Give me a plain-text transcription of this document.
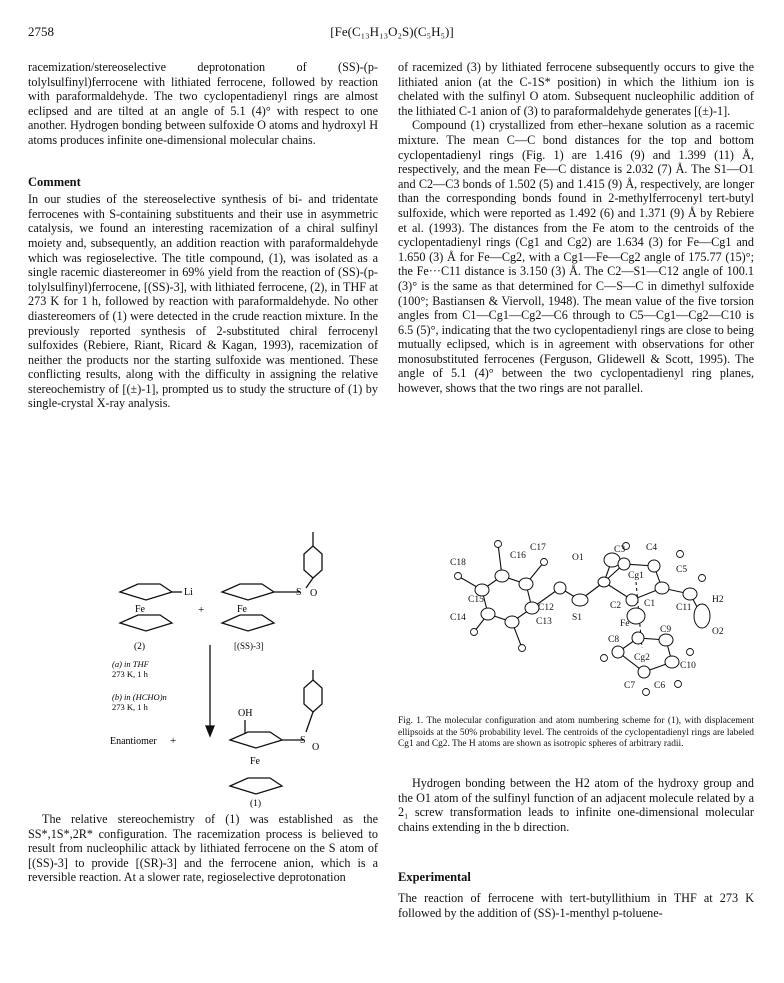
2758	[Fe(C₁₃H₁₃O₂S)(C₅H₅)]

racemization/stereoselective deprotonation of (SS)-(p-tolylsulfinyl)ferrocene with lithiated ferrocene, followed by reaction with paraformaldehyde. The two cyclopentadienyl rings are almost eclipsed and are tilted at an angle of 5.1 (4)° with respect to one another. Hydrogen bonding between sulfoxide O atoms and hydroxyl H atoms produces infinite one-dimensional molecular chains.

Comment

In our studies of the stereoselective synthesis of bi- and tridentate ferrocenes with S-containing substituents and their use in asymmetric catalysis, we found an interesting racemization of a chiral sulfinyl moiety and, subsequently, an addition reaction with paraformaldehyde which was regioselective. The title compound, (1), was isolated as a single racemic diastereomer in 69% yield from the reaction of (SS)-(p-tolylsulfinyl)ferrocene, [(SS)-3], with lithiated ferrocene, (2), in THF at 273 K for 1 h, followed by reaction with paraformaldehyde. No other diastereomers of (1) were detected in the crude reaction mixture. In the previously reported synthesis of 2-substituted chiral ferrocenyl sulfoxides (Rebiere, Riant, Ricard & Kagan, 1993), racemization of neither the products nor the starting sulfoxide was mentioned. These conflicting results, along with the difficulty in assigning the relative stereochemistry of [(±)-1], prompted us to study the structure of (1) by single-crystal X-ray analysis.

Li
Fe	+	Fe
S O
(2)	[(SS)-3]
(a) in THF
273 K, 1 h
(b) in (HCHO)n
273 K, 1 h
OH
Enantiomer +	S
O
Fe
(1)

The relative stereochemistry of (1) was established as the SS*,1S*,2R* configuration. The racemization process is believed to result from nucleophilic attack by lithiated ferrocene on the S atom of [(SS)-3] to provide [(SR)-3] and the ferrocene anion, which is a reversible reaction. At a slower rate, regioselective deprotonation

of racemized (3) by lithiated ferrocene subsequently occurs to give the lithiated anion (at the C-1S* position) in which the lithium ion is chelated with the sulfinyl O atom. Subsequent nucleophilic addition of the lithiated C-1 anion of (3) to paraformaldehyde generates [(±)-1].

Compound (1) crystallized from ether–hexane solution as a racemic mixture. The mean C—C bond distances for the top and bottom cyclopentadienyl rings (Fig. 1) are 1.416 (9) and 1.399 (11) Å, respectively, and the mean Fe—C distance is 2.032 (7) Å. The S1—O1 and C2—C3 bonds of 1.502 (5) and 1.415 (9) Å, respectively, are longer than the corresponding bonds found in 2-methylferrocenyl tert-butyl sulfoxide, which were reported as 1.492 (6) and 1.371 (9) Å by Rebiere et al. (1993). The distances from the Fe atom to the centroids of the cyclopentadienyl rings (Cg1 and Cg2) are 1.634 (3) for Fe—Cg1 and 1.650 (3) Å for Fe—Cg2, with a Cg1—Fe—Cg2 angle of 175.77 (15)°; the Fe···C11 distance is 3.150 (3) Å. The C2—S1—C12 angle of 100.1 (3)° is the same as that determined for C—S—C in dimethyl sulfoxide (100°; Bastiansen & Viervoll, 1948). The mean value of the five torsion angles from C1—Cg1—Cg2—C6 through to C5—Cg1—Cg2—C10 is 6.5 (5)°, indicating that the two cyclopentadienyl rings are close to being mutually eclipsed, which is in agreement with observations for other monosubstituted ferrocenes (Ferguson, Glidewell & Scott, 1995). The angle of 5.1 (4)° between the two cyclopentadienyl ring planes, however, shows that the two rings are not parallel.

C16
C17
C18
C15
C14
C12
C13
O1
S1
C3 C4
C5
Cg1
C2 C1 C11
H2
Fe
O2
C8
C9
Cg2
C10
C7 C6
Fig. 1. The molecular configuration and atom numbering scheme for (1), with displacement ellipsoids at the 50% probability level. The centroids of the cyclopentadienyl rings are labeled Cg1 and Cg2. The H atoms are shown as isotropic spheres of arbitrary radii.

Hydrogen bonding between the H2 atom of the hydroxy group and the O1 atom of the sulfinyl function of an adjacent molecule related by a 2₁ screw transformation leads to infinite one-dimensional molecular chains extending in the b direction.

Experimental

The reaction of ferrocene with tert-butyllithium in THF at 273 K followed by the addition of (SS)-1-menthyl p-toluene-
